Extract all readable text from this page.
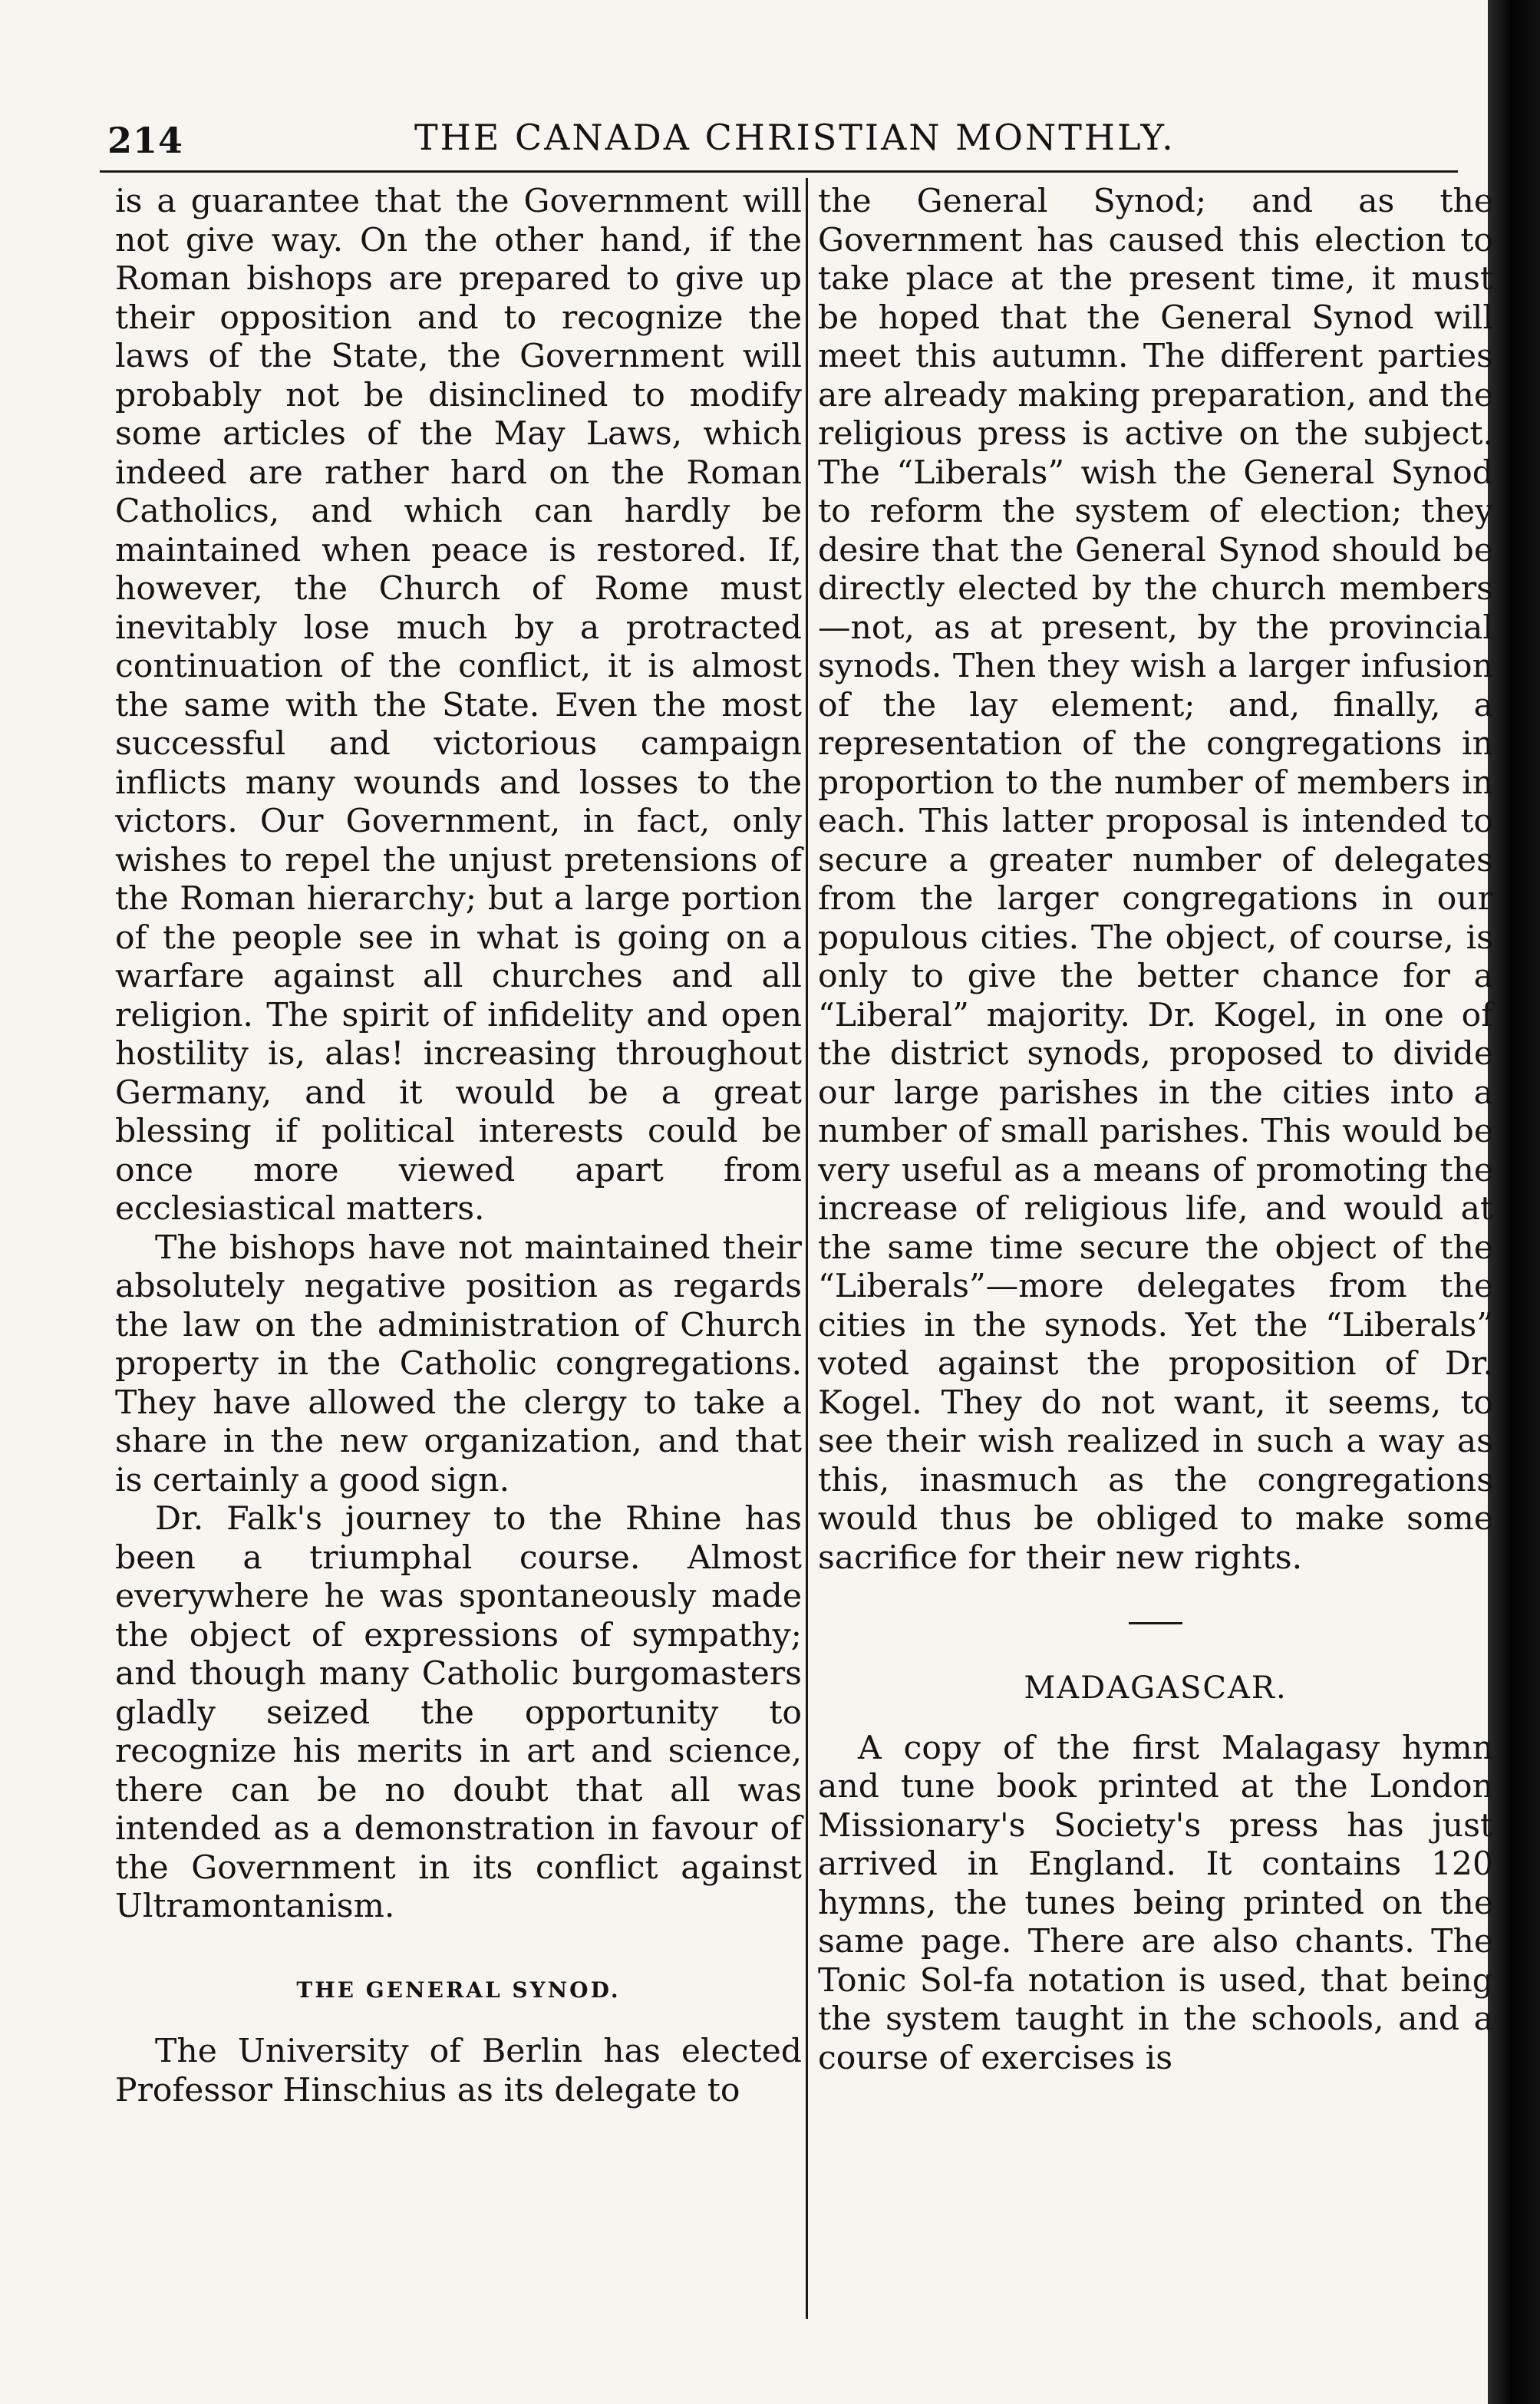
214	THE CANADA CHRISTIAN MONTHLY.

is a guarantee that the Government will not give way. On the other hand, if the Roman bishops are prepared to give up their opposition and to recognize the laws of the State, the Government will probably not be disinclined to modify some articles of the May Laws, which indeed are rather hard on the Roman Catholics, and which can hardly be maintained when peace is restored. If, however, the Church of Rome must inevitably lose much by a protracted continuation of the conflict, it is almost the same with the State. Even the most successful and victorious campaign inflicts many wounds and losses to the victors. Our Government, in fact, only wishes to repel the unjust pretensions of the Roman hierarchy; but a large portion of the people see in what is going on a warfare against all churches and all religion. The spirit of infidelity and open hostility is, alas! increasing throughout Germany, and it would be a great blessing if political interests could be once more viewed apart from ecclesiastical matters.

The bishops have not maintained their absolutely negative position as regards the law on the administration of Church property in the Catholic congregations. They have allowed the clergy to take a share in the new organization, and that is certainly a good sign.

Dr. Falk's journey to the Rhine has been a triumphal course. Almost everywhere he was spontaneously made the object of expressions of sympathy; and though many Catholic burgomasters gladly seized the opportunity to recognize his merits in art and science, there can be no doubt that all was intended as a demonstration in favour of the Government in its conflict against Ultramontanism.

THE GENERAL SYNOD.

The University of Berlin has elected Professor Hinschius as its delegate to

the General Synod; and as the Government has caused this election to take place at the present time, it must be hoped that the General Synod will meet this autumn. The different parties are already making preparation, and the religious press is active on the subject. The “Liberals” wish the General Synod to reform the system of election; they desire that the General Synod should be directly elected by the church members—not, as at present, by the provincial synods. Then they wish a larger infusion of the lay element; and, finally, a representation of the congregations in proportion to the number of members in each. This latter proposal is intended to secure a greater number of delegates from the larger congregations in our populous cities. The object, of course, is only to give the better chance for a “Liberal” majority. Dr. Kogel, in one of the district synods, proposed to divide our large parishes in the cities into a number of small parishes. This would be very useful as a means of promoting the increase of religious life, and would at the same time secure the object of the “Liberals”—more delegates from the cities in the synods. Yet the “Liberals” voted against the proposition of Dr. Kogel. They do not want, it seems, to see their wish realized in such a way as this, inasmuch as the congregations would thus be obliged to make some sacrifice for their new rights.

MADAGASCAR.

A copy of the first Malagasy hymn and tune book printed at the London Missionary's Society's press has just arrived in England. It contains 120 hymns, the tunes being printed on the same page. There are also chants. The Tonic Sol-fa notation is used, that being the system taught in the schools, and a course of exercises is
